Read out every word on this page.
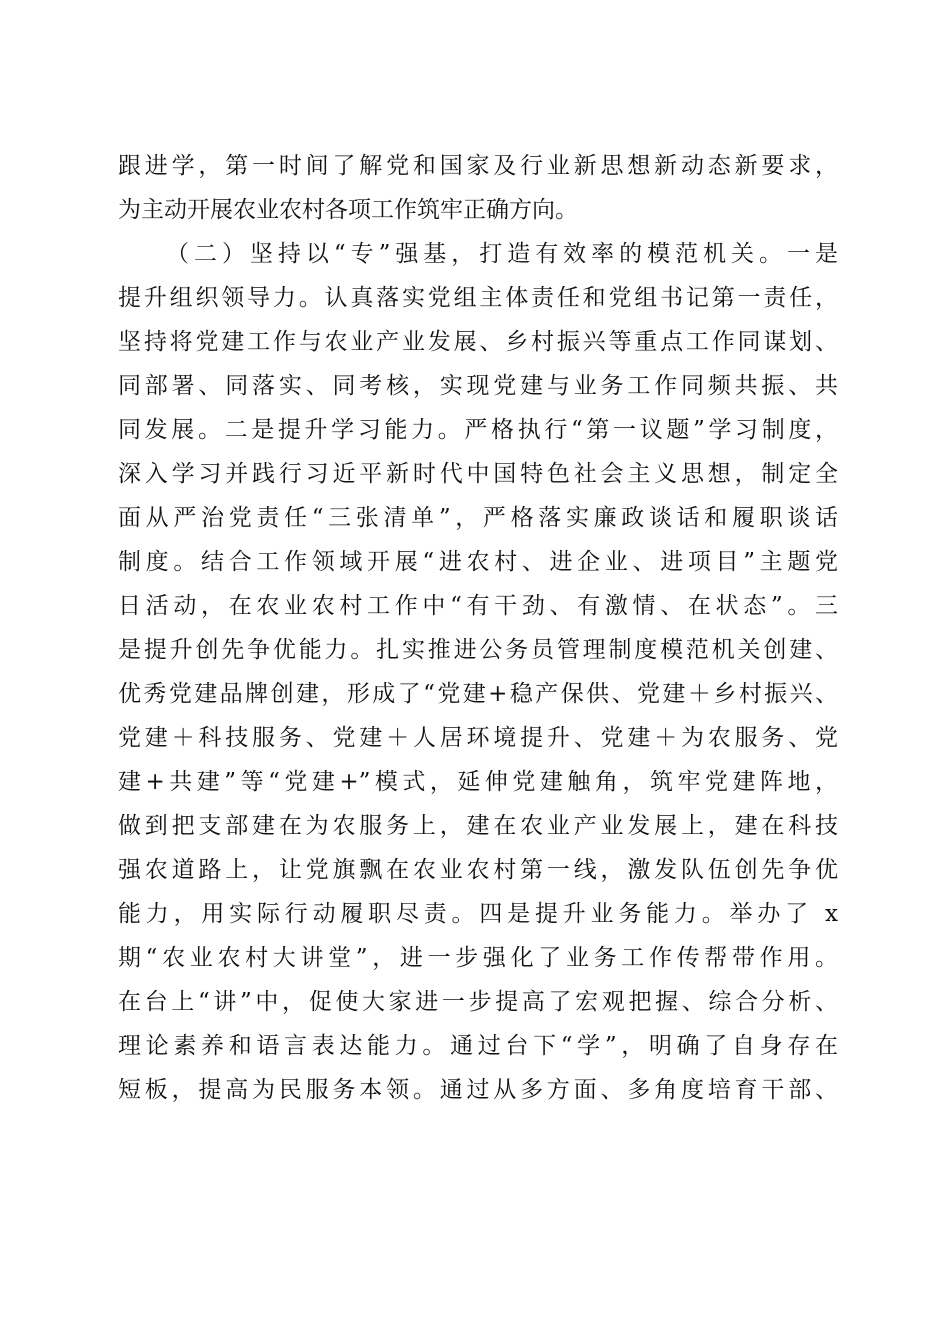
跟进学，第一时间了解党和国家及行业新思想新动态新要求，
为主动开展农业农村各项工作筑牢正确方向。
（二）坚持以“专”强基，打造有效率的模范机关。一是
提升组织领导力。认真落实党组主体责任和党组书记第一责任，
坚持将党建工作与农业产业发展、乡村振兴等重点工作同谋划、
同部署、同落实、同考核，实现党建与业务工作同频共振、共
同发展。二是提升学习能力。严格执行“第一议题”学习制度，
深入学习并践行习近平新时代中国特色社会主义思想，制定全
面从严治党责任“三张清单”，严格落实廉政谈话和履职谈话
制度。结合工作领域开展“进农村、进企业、进项目”主题党
日活动，在农业农村工作中“有干劲、有激情、在状态”。三
是提升创先争优能力。扎实推进公务员管理制度模范机关创建、
优秀党建品牌创建，形成了“党建+稳产保供、党建＋乡村振兴、
党建＋科技服务、党建＋人居环境提升、党建＋为农服务、党
建+共建”等“党建+”模式，延伸党建触角，筑牢党建阵地，
做到把支部建在为农服务上，建在农业产业发展上，建在科技
强农道路上，让党旗飘在农业农村第一线，激发队伍创先争优
能力，用实际行动履职尽责。四是提升业务能力。举办了 x
期“农业农村大讲堂”，进一步强化了业务工作传帮带作用。
在台上“讲”中，促使大家进一步提高了宏观把握、综合分析、
理论素养和语言表达能力。通过台下“学”，明确了自身存在
短板，提高为民服务本领。通过从多方面、多角度培育干部、
